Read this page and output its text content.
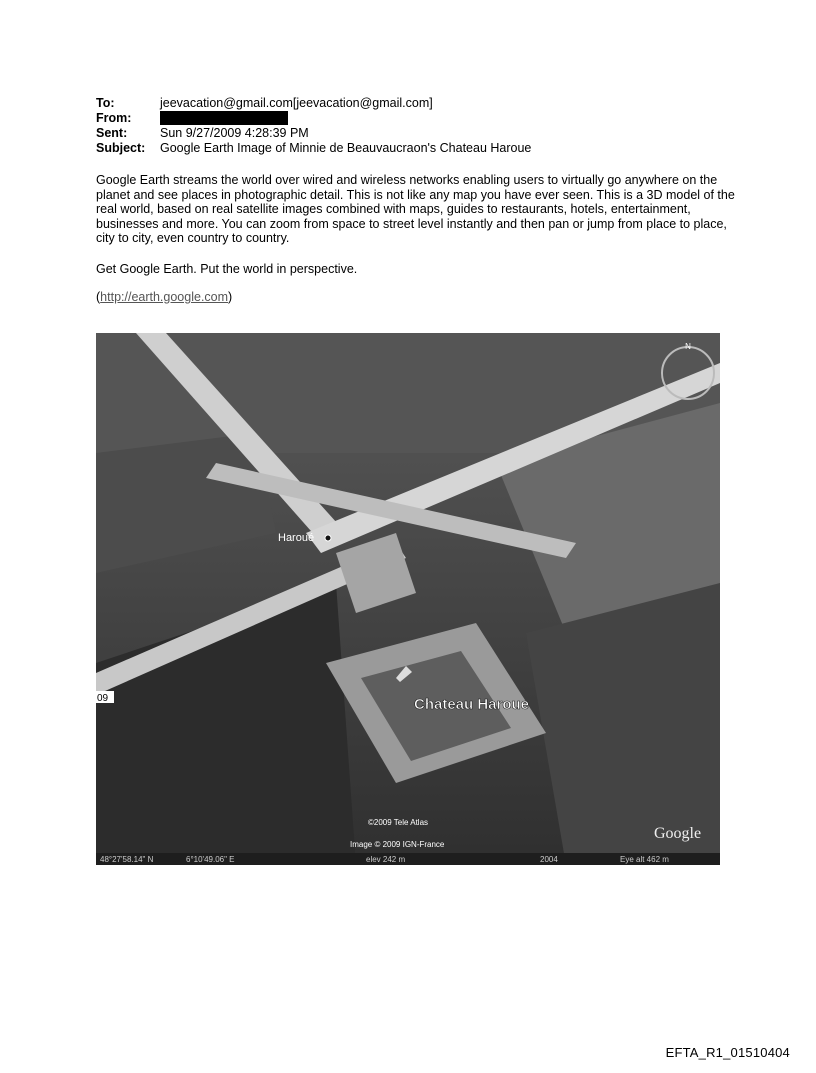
To:	jeevacation@gmail.com[jeevacation@gmail.com]
From:
Sent:	Sun 9/27/2009 4:28:39 PM
Subject:	Google Earth Image of Minnie de Beauvaucraon's Chateau Haroue

Google Earth streams the world over wired and wireless networks enabling users to virtually go anywhere on the planet and see places in photographic detail. This is not like any map you have ever seen. This is a 3D model of the real world, based on real satellite images combined with maps, guides to restaurants, hotels, entertainment, businesses and more. You can zoom from space to street level instantly and then pan or jump from place to place, city to city, even country to country.

Get Google Earth. Put the world in perspective.
(http://earth.google.com)
N
Haroué
Chateau Haroue
09
©2009 Tele Atlas
Image © 2009 IGN-France
Google
48°27'58.14" N	6°10'49.06" E	elev 242 m	2004	Eye alt 462 m
EFTA_R1_01510404
